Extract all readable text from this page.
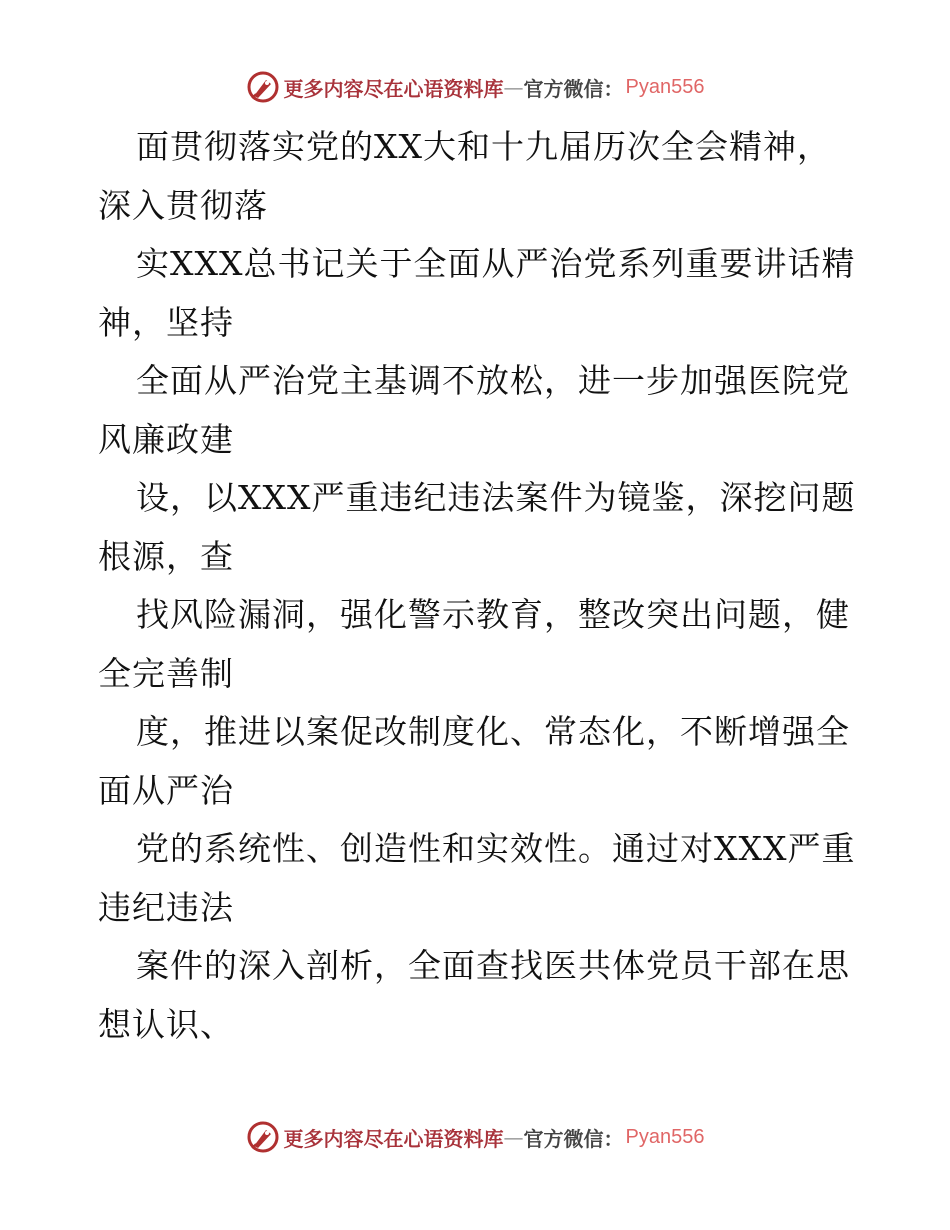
更多内容尽在心语资料库 — 官方微信： Pyan556
面贯彻落实党的XX大和十九届历次全会精神，
深入贯彻落
实XXX总书记关于全面从严治党系列重要讲话精
神，坚持
全面从严治党主基调不放松，进一步加强医院党
风廉政建
设，以XXX严重违纪违法案件为镜鉴，深挖问题
根源，查
找风险漏洞，强化警示教育，整改突出问题，健
全完善制
度，推进以案促改制度化、常态化，不断增强全
面从严治
党的系统性、创造性和实效性。通过对XXX严重
违纪违法
案件的深入剖析，全面查找医共体党员干部在思
想认识、
更多内容尽在心语资料库 — 官方微信： Pyan556
